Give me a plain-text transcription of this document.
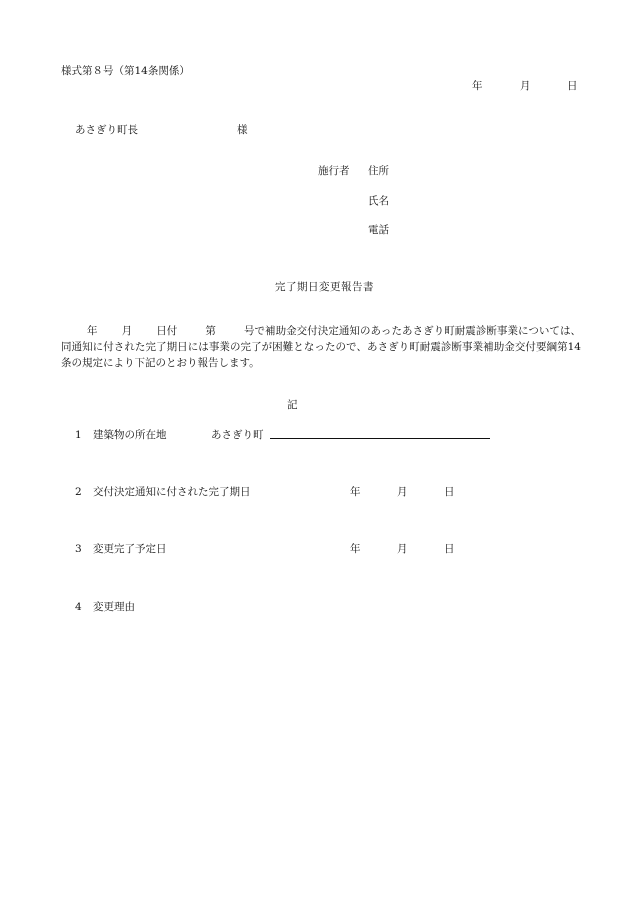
様式第８号（第14条関係）
年	月	日
あさぎり町長	様
施行者 住所
氏名
電話
完了期日変更報告書
年 月 日付	第	号で補助金交付決定通知のあったあさぎり町耐震診断事業については、同通知に付された完了期日には事業の完了が困難となったので、あさぎり町耐震診断事業補助金交付要綱第14条の規定により下記のとおり報告します。
記
1 建築物の所在地	あさぎり町
2 交付決定通知に付された完了期日	年	月	日
3 変更完了予定日	年	月	日
4 変更理由
